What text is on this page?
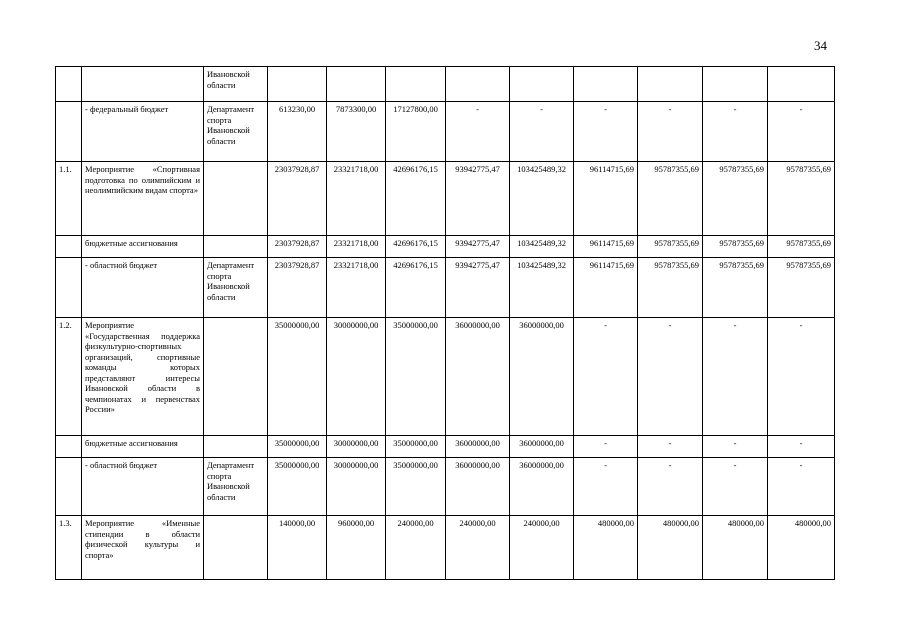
34
		Ивановской области									
	- федеральный бюджет	Департамент спорта Ивановской области	613230,00	7873300,00	17127800,00	-	-	-	-	-	-
1.1.	Мероприятие «Спортивная подготовка по олимпийским и неолимпийским видам спорта»		23037928,87	23321718,00	42696176,15	93942775,47	103425489,32	96114715,69	95787355,69	95787355,69	95787355,69
	бюджетные ассигнования		23037928,87	23321718,00	42696176,15	93942775,47	103425489,32	96114715,69	95787355,69	95787355,69	95787355,69
	- областной бюджет	Департамент спорта Ивановской области	23037928,87	23321718,00	42696176,15	93942775,47	103425489,32	96114715,69	95787355,69	95787355,69	95787355,69
1.2.	Мероприятие «Государственная поддержка физкультурно-спортивных организаций, спортивные команды которых представляют интересы Ивановской области в чемпионатах и первенствах России»		35000000,00	30000000,00	35000000,00	36000000,00	36000000,00	-	-	-	-
	бюджетные ассигнования		35000000,00	30000000,00	35000000,00	36000000,00	36000000,00	-	-	-	-
	- областной бюджет	Департамент спорта Ивановской области	35000000,00	30000000,00	35000000,00	36000000,00	36000000,00	-	-	-	-
1.3.	Мероприятие «Именные стипендии в области физической культуры и спорта»		140000,00	960000,00	240000,00	240000,00	240000,00	480000,00	480000,00	480000,00	480000,00
